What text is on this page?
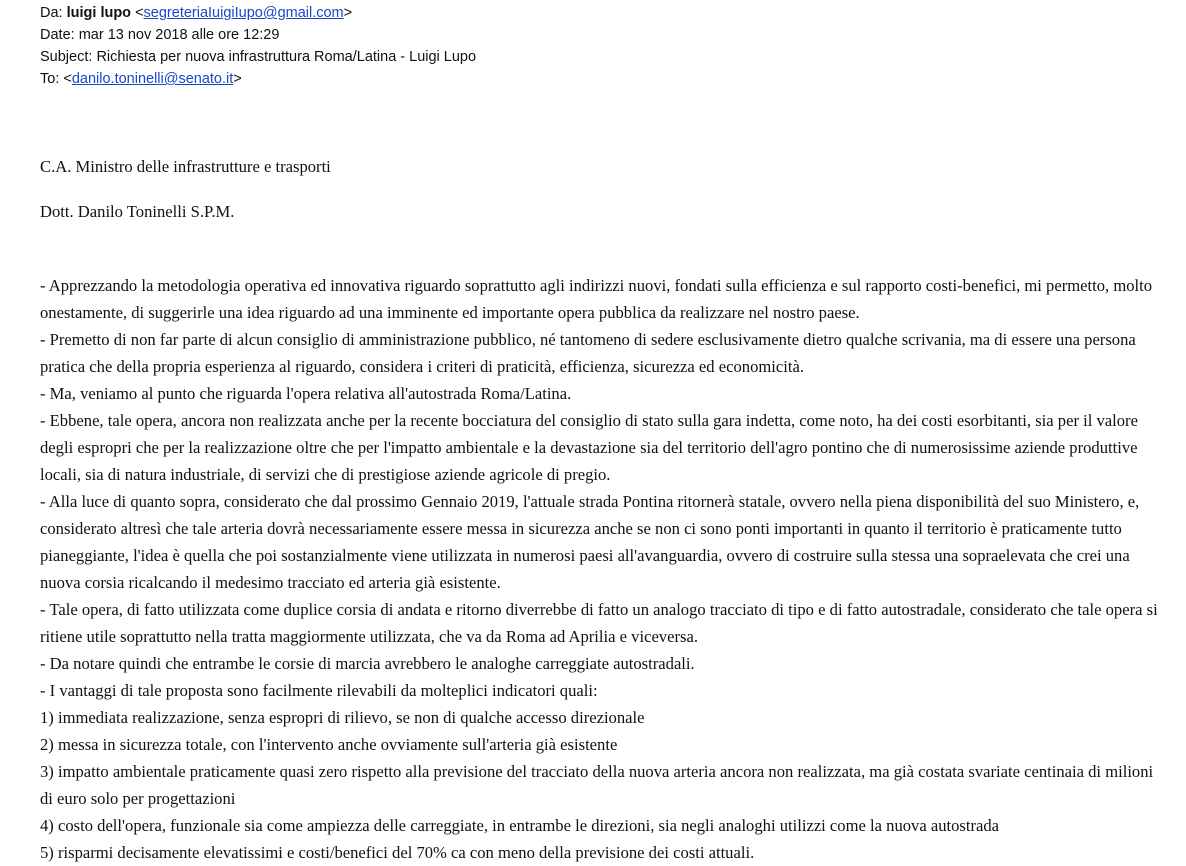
Da: luigi lupo <segreteriaIuigiIupo@gmail.com>
Date: mar 13 nov 2018 alle ore 12:29
Subject: Richiesta per nuova infrastruttura Roma/Latina - Luigi Lupo
To: <danilo.toninelli@senato.it>

C.A. Ministro delle infrastrutture e trasporti

Dott. Danilo Toninelli S.P.M.

- Apprezzando la metodologia operativa ed innovativa riguardo soprattutto agli indirizzi nuovi, fondati sulla efficienza e sul rapporto costi-benefici, mi permetto, molto onestamente, di suggerirle una idea riguardo ad una imminente ed importante opera pubblica da realizzare nel nostro paese.

- Premetto di non far parte di alcun consiglio di amministrazione pubblico, né tantomeno di sedere esclusivamente dietro qualche scrivania, ma di essere una persona pratica che della propria esperienza al riguardo, considera i criteri di praticità, efficienza, sicurezza ed economicità.

- Ma, veniamo al punto che riguarda l'opera relativa all'autostrada Roma/Latina.

- Ebbene, tale opera, ancora non realizzata anche per la recente bocciatura del consiglio di stato sulla gara indetta, come noto, ha dei costi esorbitanti, sia per il valore degli espropri che per la realizzazione oltre che per l'impatto ambientale e la devastazione sia del territorio dell'agro pontino che di numerosissime aziende produttive locali, sia di natura industriale, di servizi che di prestigiose aziende agricole di pregio.

- Alla luce di quanto sopra, considerato che dal prossimo Gennaio 2019, l'attuale strada Pontina ritornerà statale, ovvero nella piena disponibilità del suo Ministero, e, considerato altresì che tale arteria dovrà necessariamente essere messa in sicurezza anche se non ci sono ponti importanti in quanto il territorio è praticamente tutto pianeggiante, l'idea è quella che poi sostanzialmente viene utilizzata in numerosi paesi all'avanguardia, ovvero di costruire sulla stessa una sopraelevata che crei una nuova corsia ricalcando il medesimo tracciato ed arteria già esistente.

- Tale opera, di fatto utilizzata come duplice corsia di andata e ritorno diverrebbe di fatto un analogo tracciato di tipo e di fatto autostradale, considerato che tale opera si ritiene utile soprattutto nella tratta maggiormente utilizzata, che va da Roma ad Aprilia e viceversa.

- Da notare quindi che entrambe le corsie di marcia avrebbero le analoghe carreggiate autostradali.

- I vantaggi di tale proposta sono facilmente rilevabili da molteplici indicatori quali:

1) immediata realizzazione, senza espropri di rilievo, se non di qualche accesso direzionale

2) messa in sicurezza totale, con l'intervento anche ovviamente sull'arteria già esistente

3) impatto ambientale praticamente quasi zero rispetto alla previsione del tracciato della nuova arteria ancora non realizzata, ma già costata svariate centinaia di milioni di euro solo per progettazioni

4) costo dell'opera, funzionale sia come ampiezza delle carreggiate, in entrambe le direzioni, sia negli analoghi utilizzi come la nuova autostrada

5) risparmi decisamente elevatissimi e costi/benefici del 70% ca con meno della previsione dei costi attuali.
